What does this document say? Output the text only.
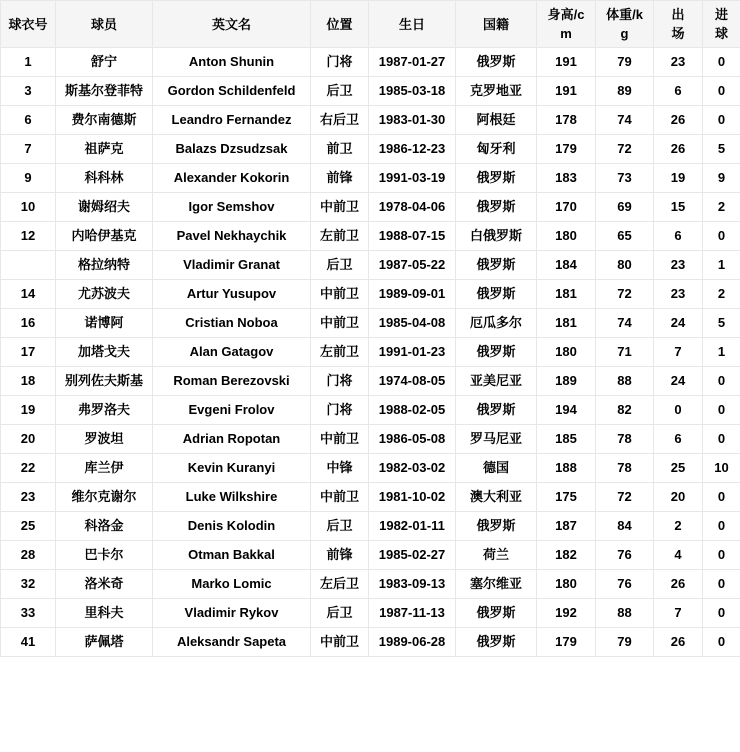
球衣号	球员	英文名	位置	生日	国籍	身高/cm	体重/kg	出场	进球
1	舒宁	Anton Shunin	门将	1987-01-27	俄罗斯	191	79	23	0
3	斯基尔登菲特	Gordon Schildenfeld	后卫	1985-03-18	克罗地亚	191	89	6	0
6	费尔南德斯	Leandro Fernandez	右后卫	1983-01-30	阿根廷	178	74	26	0
7	祖萨克	Balazs Dzsudzsak	前卫	1986-12-23	匈牙利	179	72	26	5
9	科科林	Alexander Kokorin	前锋	1991-03-19	俄罗斯	183	73	19	9
10	谢姆绍夫	Igor Semshov	中前卫	1978-04-06	俄罗斯	170	69	15	2
12	内哈伊基克	Pavel Nekhaychik	左前卫	1988-07-15	白俄罗斯	180	65	6	0
	格拉纳特	Vladimir Granat	后卫	1987-05-22	俄罗斯	184	80	23	1
14	尤苏波夫	Artur Yusupov	中前卫	1989-09-01	俄罗斯	181	72	23	2
16	诺博阿	Cristian Noboa	中前卫	1985-04-08	厄瓜多尔	181	74	24	5
17	加塔戈夫	Alan Gatagov	左前卫	1991-01-23	俄罗斯	180	71	7	1
18	别列佐夫斯基	Roman Berezovski	门将	1974-08-05	亚美尼亚	189	88	24	0
19	弗罗洛夫	Evgeni Frolov	门将	1988-02-05	俄罗斯	194	82	0	0
20	罗波坦	Adrian Ropotan	中前卫	1986-05-08	罗马尼亚	185	78	6	0
22	库兰伊	Kevin Kuranyi	中锋	1982-03-02	德国	188	78	25	10
23	维尔克谢尔	Luke Wilkshire	中前卫	1981-10-02	澳大利亚	175	72	20	0
25	科洛金	Denis Kolodin	后卫	1982-01-11	俄罗斯	187	84	2	0
28	巴卡尔	Otman Bakkal	前锋	1985-02-27	荷兰	182	76	4	0
32	洛米奇	Marko Lomic	左后卫	1983-09-13	塞尔维亚	180	76	26	0
33	里科夫	Vladimir Rykov	后卫	1987-11-13	俄罗斯	192	88	7	0
41	萨佩塔	Aleksandr Sapeta	中前卫	1989-06-28	俄罗斯	179	79	26	0
